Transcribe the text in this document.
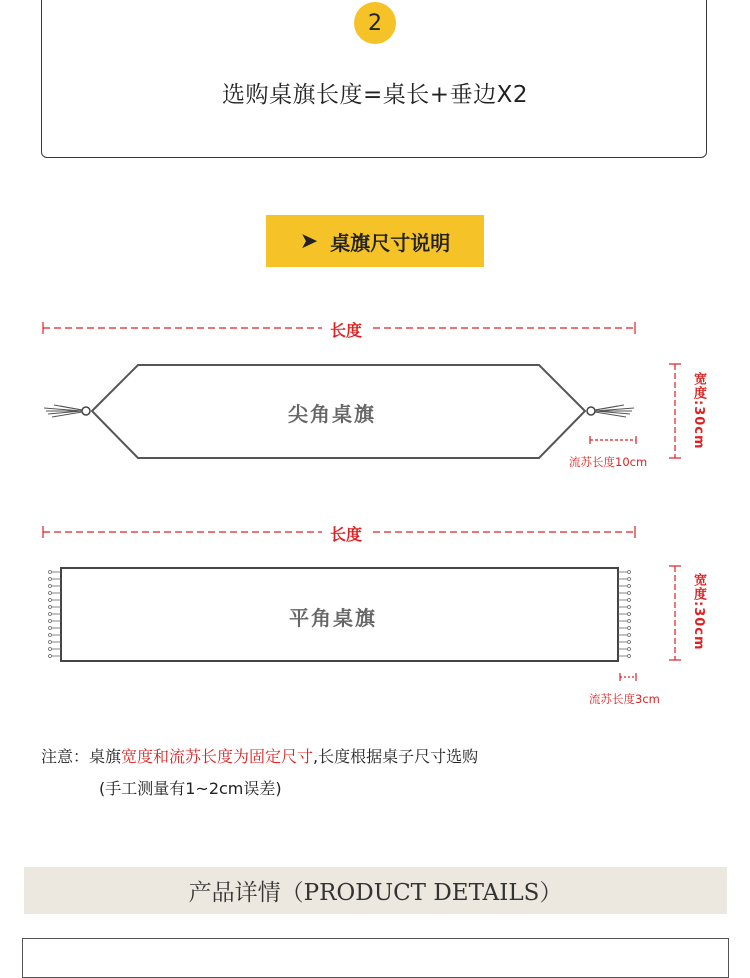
2
选购桌旗长度=桌长+垂边X2
➤ 桌旗尺寸说明
长度
尖角桌旗	宽度:30cm
流苏长度10cm
长度
平角桌旗	宽度:30cm
流苏长度3cm
注意：桌旗宽度和流苏长度为固定尺寸,长度根据桌子尺寸选购
(手工测量有1~2cm误差)
产品详情（PRODUCT DETAILS）
